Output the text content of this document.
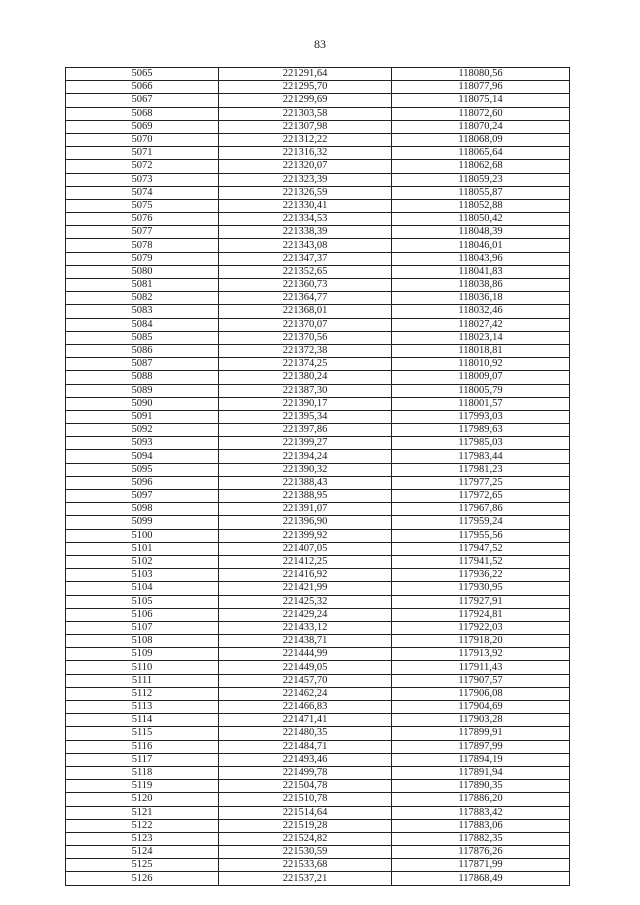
83
5065	221291,64	118080,56
5066	221295,70	118077,96
5067	221299,69	118075,14
5068	221303,58	118072,60
5069	221307,98	118070,24
5070	221312,22	118068,09
5071	221316,32	118065,64
5072	221320,07	118062,68
5073	221323,39	118059,23
5074	221326,59	118055,87
5075	221330,41	118052,88
5076	221334,53	118050,42
5077	221338,39	118048,39
5078	221343,08	118046,01
5079	221347,37	118043,96
5080	221352,65	118041,83
5081	221360,73	118038,86
5082	221364,77	118036,18
5083	221368,01	118032,46
5084	221370,07	118027,42
5085	221370,56	118023,14
5086	221372,38	118018,81
5087	221374,25	118010,92
5088	221380,24	118009,07
5089	221387,30	118005,79
5090	221390,17	118001,57
5091	221395,34	117993,03
5092	221397,86	117989,63
5093	221399,27	117985,03
5094	221394,24	117983,44
5095	221390,32	117981,23
5096	221388,43	117977,25
5097	221388,95	117972,65
5098	221391,07	117967,86
5099	221396,90	117959,24
5100	221399,92	117955,56
5101	221407,05	117947,52
5102	221412,25	117941,52
5103	221416,92	117936,22
5104	221421,99	117930,95
5105	221425,32	117927,91
5106	221429,24	117924,81
5107	221433,12	117922,03
5108	221438,71	117918,20
5109	221444,99	117913,92
5110	221449,05	117911,43
5111	221457,70	117907,57
5112	221462,24	117906,08
5113	221466,83	117904,69
5114	221471,41	117903,28
5115	221480,35	117899,91
5116	221484,71	117897,99
5117	221493,46	117894,19
5118	221499,78	117891,94
5119	221504,78	117890,35
5120	221510,78	117886,20
5121	221514,64	117883,42
5122	221519,28	117883,06
5123	221524,82	117882,35
5124	221530,59	117876,26
5125	221533,68	117871,99
5126	221537,21	117868,49
